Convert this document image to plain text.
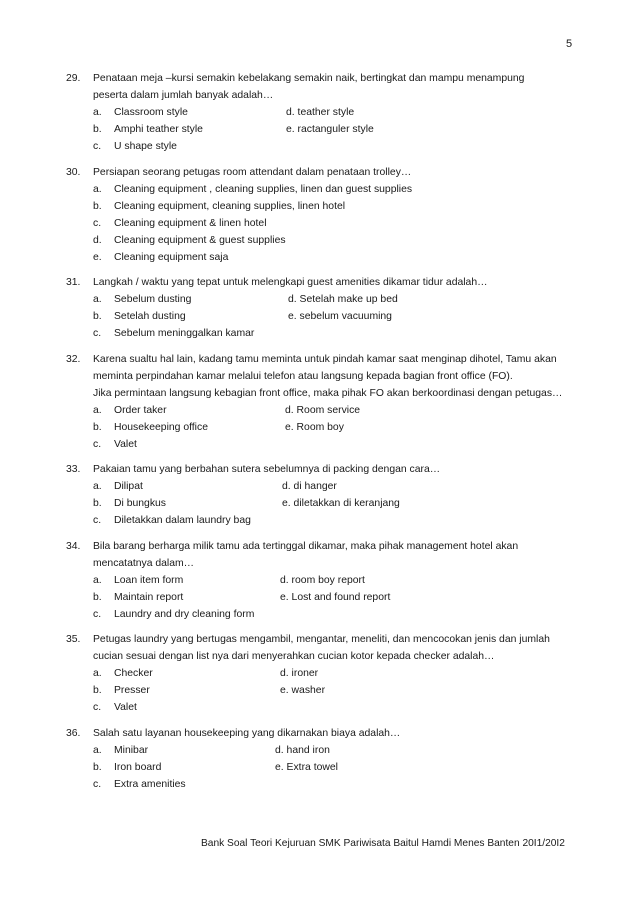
5
29.	Penataan meja –kursi semakin kebelakang semakin naik, bertingkat dan mampu menampung
peserta dalam jumlah banyak adalah…
a. Classroom style	d. teather style
b. Amphi teather style	e. ractanguler style
c. U shape style
30.	Persiapan seorang petugas room attendant dalam penataan trolley…
a. Cleaning equipment , cleaning supplies, linen dan guest supplies
b. Cleaning equipment, cleaning supplies, linen hotel
c. Cleaning equipment & linen hotel
d. Cleaning equipment & guest supplies
e. Cleaning equipment saja
31.	Langkah / waktu yang tepat untuk melengkapi guest amenities dikamar tidur adalah…
a. Sebelum dusting	d. Setelah make up bed
b. Setelah dusting	e. sebelum vacuuming
c. Sebelum meninggalkan kamar
32.	Karena sualtu hal lain, kadang tamu meminta untuk pindah kamar saat menginap dihotel, Tamu akan
meminta perpindahan kamar melalui telefon atau langsung kepada bagian front office (FO).
Jika permintaan langsung kebagian front office, maka pihak FO akan berkoordinasi dengan petugas…
a. Order taker	d. Room service
b. Housekeeping office	e. Room boy
c. Valet
33.	Pakaian tamu yang berbahan sutera sebelumnya di packing dengan cara…
a. Dilipat	d. di hanger
b. Di bungkus	e. diletakkan di keranjang
c. Diletakkan dalam laundry bag
34.	Bila barang berharga milik tamu ada tertinggal dikamar, maka pihak management hotel akan
mencatatnya dalam…
a. Loan item form	d. room boy report
b. Maintain report	e. Lost and found report
c. Laundry and dry cleaning form
35.	Petugas laundry yang bertugas mengambil, mengantar, meneliti, dan mencocokan jenis dan jumlah
cucian sesuai dengan list nya dari menyerahkan cucian kotor kepada checker adalah…
a. Checker	d. ironer
b. Presser	e. washer
c. Valet
36.	Salah satu layanan housekeeping yang dikarnakan biaya adalah…
a. Minibar	d. hand iron
b. Iron board	e. Extra towel
c. Extra amenities
Bank Soal Teori Kejuruan SMK Pariwisata Baitul Hamdi Menes Banten 20I1/20I2
